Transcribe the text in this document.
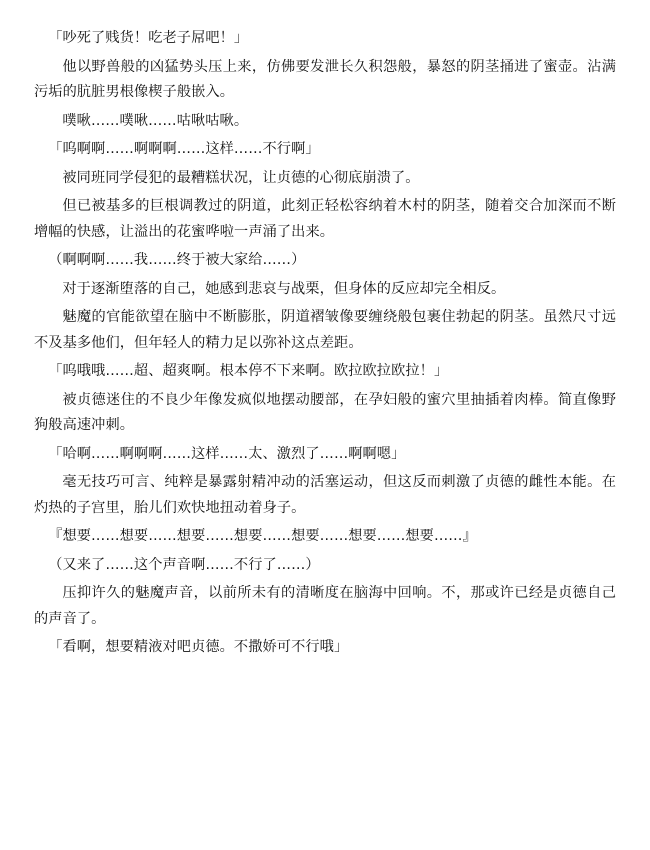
「吵死了贱货！吃老子屌吧！」

他以野兽般的凶猛势头压上来，仿佛要发泄长久积怨般，暴怒的阴茎捅进了蜜壶。沾满污垢的肮脏男根像楔子般嵌入。

噗啾……噗啾……咕啾咕啾。

「呜啊啊……啊啊啊……这样……不行啊」

被同班同学侵犯的最糟糕状况，让贞德的心彻底崩溃了。

但已被基多的巨根调教过的阴道，此刻正轻松容纳着木村的阴茎，随着交合加深而不断增幅的快感，让溢出的花蜜哗啦一声涌了出来。

（啊啊啊……我……终于被大家给……）

对于逐渐堕落的自己，她感到悲哀与战栗，但身体的反应却完全相反。

魅魔的官能欲望在脑中不断膨胀，阴道褶皱像要缠绕般包裹住勃起的阴茎。虽然尺寸远不及基多他们，但年轻人的精力足以弥补这点差距。

「呜哦哦……超、超爽啊。根本停不下来啊。欧拉欧拉欧拉！」

被贞德迷住的不良少年像发疯似地摆动腰部，在孕妇般的蜜穴里抽插着肉棒。简直像野狗般高速冲刺。

「哈啊……啊啊啊……这样……太、激烈了……啊啊嗯」

毫无技巧可言、纯粹是暴露射精冲动的活塞运动，但这反而刺激了贞德的雌性本能。在灼热的子宫里，胎儿们欢快地扭动着身子。

『想要……想要……想要……想要……想要……想要……想要……』

（又来了……这个声音啊……不行了……）

压抑许久的魅魔声音，以前所未有的清晰度在脑海中回响。不，那或许已经是贞德自己的声音了。

「看啊，想要精液对吧贞德。不撒娇可不行哦」
